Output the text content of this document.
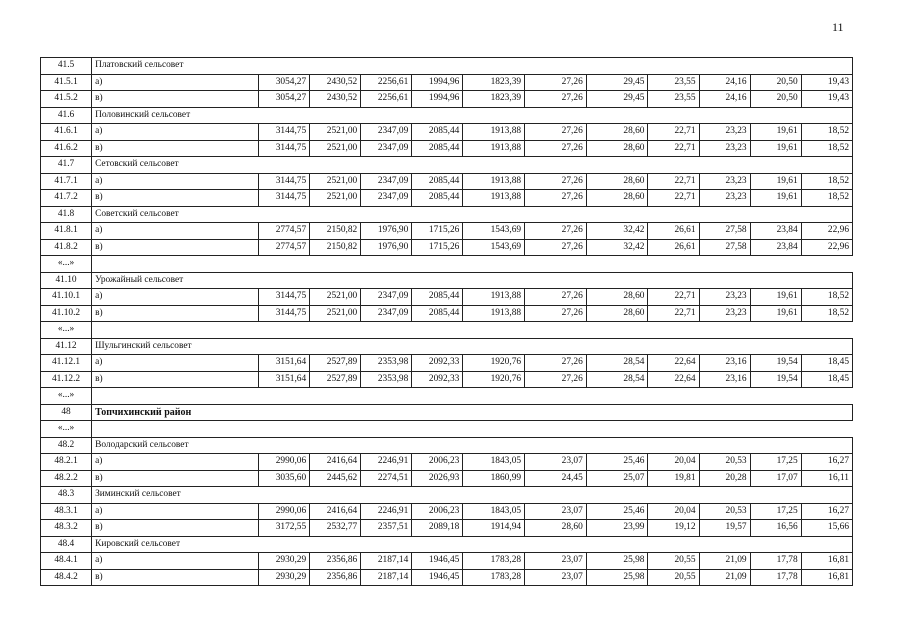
11
41.5	Платовский сельсовет											
41.5.1	а)	3054,27	2430,52	2256,61	1994,96	1823,39	27,26	29,45	23,55	24,16	20,50	19,43
41.5.2	в)	3054,27	2430,52	2256,61	1994,96	1823,39	27,26	29,45	23,55	24,16	20,50	19,43
41.6	Половинский сельсовет											
41.6.1	а)	3144,75	2521,00	2347,09	2085,44	1913,88	27,26	28,60	22,71	23,23	19,61	18,52
41.6.2	в)	3144,75	2521,00	2347,09	2085,44	1913,88	27,26	28,60	22,71	23,23	19,61	18,52
41.7	Сетовский сельсовет											
41.7.1	а)	3144,75	2521,00	2347,09	2085,44	1913,88	27,26	28,60	22,71	23,23	19,61	18,52
41.7.2	в)	3144,75	2521,00	2347,09	2085,44	1913,88	27,26	28,60	22,71	23,23	19,61	18,52
41.8	Советский сельсовет											
41.8.1	а)	2774,57	2150,82	1976,90	1715,26	1543,69	27,26	32,42	26,61	27,58	23,84	22,96
41.8.2	в)	2774,57	2150,82	1976,90	1715,26	1543,69	27,26	32,42	26,61	27,58	23,84	22,96
«...»												
41.10	Урожайный сельсовет											
41.10.1	а)	3144,75	2521,00	2347,09	2085,44	1913,88	27,26	28,60	22,71	23,23	19,61	18,52
41.10.2	в)	3144,75	2521,00	2347,09	2085,44	1913,88	27,26	28,60	22,71	23,23	19,61	18,52
«...»												
41.12	Шульгинский сельсовет											
41.12.1	а)	3151,64	2527,89	2353,98	2092,33	1920,76	27,26	28,54	22,64	23,16	19,54	18,45
41.12.2	в)	3151,64	2527,89	2353,98	2092,33	1920,76	27,26	28,54	22,64	23,16	19,54	18,45
«...»												
48	Топчихинский район											
«...»												
48.2	Володарский сельсовет											
48.2.1	а)	2990,06	2416,64	2246,91	2006,23	1843,05	23,07	25,46	20,04	20,53	17,25	16,27
48.2.2	в)	3035,60	2445,62	2274,51	2026,93	1860,99	24,45	25,07	19,81	20,28	17,07	16,11
48.3	Зиминский сельсовет											
48.3.1	а)	2990,06	2416,64	2246,91	2006,23	1843,05	23,07	25,46	20,04	20,53	17,25	16,27
48.3.2	в)	3172,55	2532,77	2357,51	2089,18	1914,94	28,60	23,99	19,12	19,57	16,56	15,66
48.4	Кировский сельсовет											
48.4.1	а)	2930,29	2356,86	2187,14	1946,45	1783,28	23,07	25,98	20,55	21,09	17,78	16,81
48.4.2	в)	2930,29	2356,86	2187,14	1946,45	1783,28	23,07	25,98	20,55	21,09	17,78	16,81
